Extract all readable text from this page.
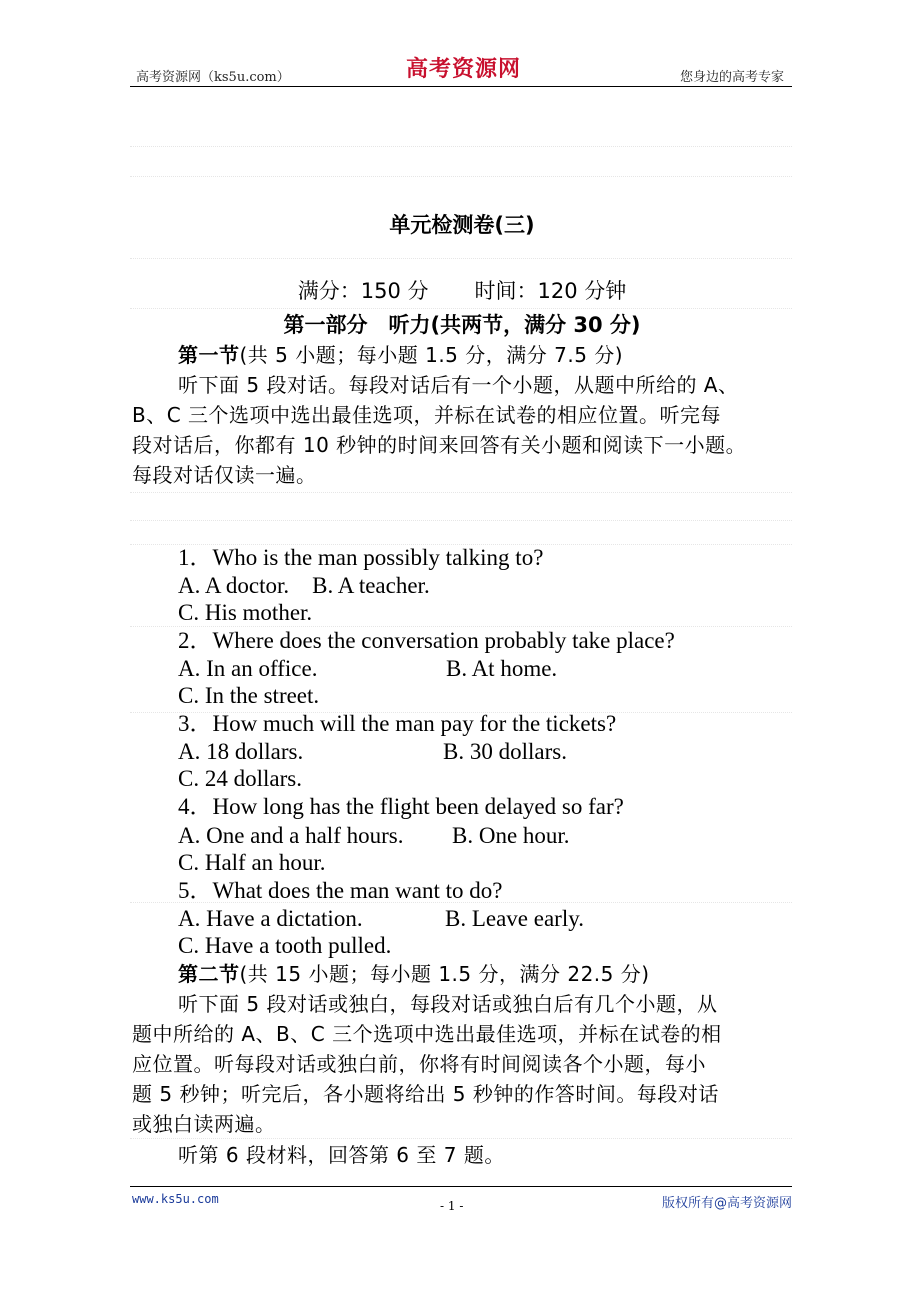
高考资源网（ks5u.com）	高考资源网	您身边的高考专家
单元检测卷(三)
满分：150 分 时间：120 分钟
第一部分　听力(共两节，满分 30 分)
第一节(共 5 小题；每小题 1.5 分，满分 7.5 分)
听下面 5 段对话。每段对话后有一个小题，从题中所给的 A、
B、C 三个选项中选出最佳选项，并标在试卷的相应位置。听完每
段对话后，你都有 10 秒钟的时间来回答有关小题和阅读下一小题。
每段对话仅读一遍。
1．Who is the man possibly talking to?
A. A doctor. B. A teacher.
C. His mother.
2．Where does the conversation probably take place?
A. In an office.	B. At home.
C. In the street.
3．How much will the man pay for the tickets?
A. 18 dollars.	B. 30 dollars.
C. 24 dollars.
4．How long has the flight been delayed so far?
A. One and a half hours. B. One hour.
C. Half an hour.
5．What does the man want to do?
A. Have a dictation.	B. Leave early.
C. Have a tooth pulled.
第二节(共 15 小题；每小题 1.5 分，满分 22.5 分)
听下面 5 段对话或独白，每段对话或独白后有几个小题，从
题中所给的 A、B、C 三个选项中选出最佳选项，并标在试卷的相
应位置。听每段对话或独白前，你将有时间阅读各个小题，每小
题 5 秒钟；听完后，各小题将给出 5 秒钟的作答时间。每段对话
或独白读两遍。
听第 6 段材料，回答第 6 至 7 题。
www.ks5u.com	- 1 -	版权所有@高考资源网
